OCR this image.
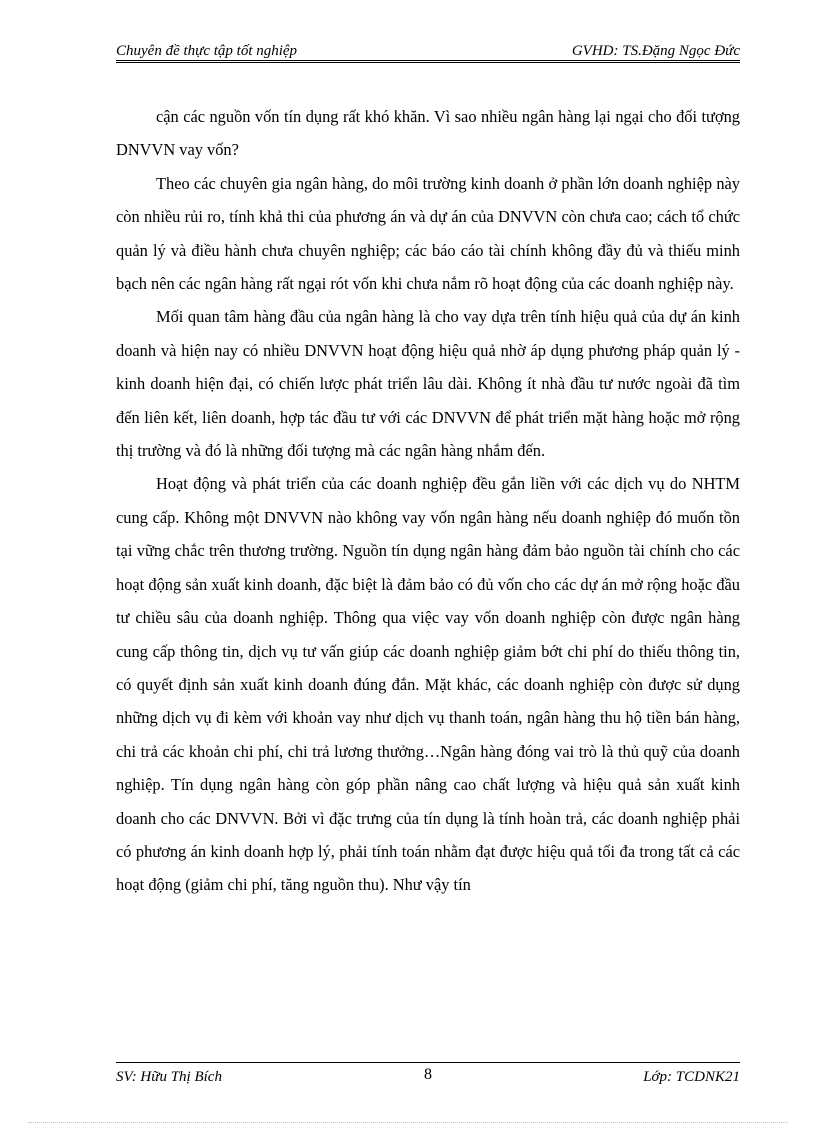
Chuyên đề thực tập tốt nghiệp	GVHD: TS.Đặng Ngọc Đức

cận các nguồn vốn tín dụng rất khó khăn. Vì sao nhiều ngân hàng lại ngại cho đối tượng DNVVN vay vốn?

Theo các chuyên gia ngân hàng, do môi trường kinh doanh ở phần lớn doanh nghiệp này còn nhiều rủi ro, tính khả thi của phương án và dự án của DNVVN còn chưa cao; cách tổ chức quản lý và điều hành chưa chuyên nghiệp; các báo cáo tài chính không đầy đủ và thiếu minh bạch nên các ngân hàng rất ngại rót vốn khi chưa nắm rõ hoạt động của các doanh nghiệp này.

Mối quan tâm hàng đầu của ngân hàng là cho vay dựa trên tính hiệu quả của dự án kinh doanh và hiện nay có nhiều DNVVN hoạt động hiệu quả nhờ áp dụng phương pháp quản lý - kinh doanh hiện đại, có chiến lược phát triển lâu dài. Không ít nhà đầu tư nước ngoài đã tìm đến liên kết, liên doanh, hợp tác đầu tư với các DNVVN để phát triển mặt hàng hoặc mở rộng thị trường và đó là những đối tượng mà các ngân hàng nhắm đến.

Hoạt động và phát triển của các doanh nghiệp đều gắn liền với các dịch vụ do NHTM cung cấp. Không một DNVVN nào không vay vốn ngân hàng nếu doanh nghiệp đó muốn tồn tại vững chắc trên thương trường. Nguồn tín dụng ngân hàng đảm bảo nguồn tài chính cho các hoạt động sản xuất kinh doanh, đặc biệt là đảm bảo có đủ vốn cho các dự án mở rộng hoặc đầu tư chiều sâu của doanh nghiệp. Thông qua việc vay vốn doanh nghiệp còn được ngân hàng cung cấp thông tin, dịch vụ tư vấn giúp các doanh nghiệp giảm bớt chi phí do thiếu thông tin, có quyết định sản xuất kinh doanh đúng đắn. Mặt khác, các doanh nghiệp còn được sử dụng những dịch vụ đi kèm với khoản vay như dịch vụ thanh toán, ngân hàng thu hộ tiền bán hàng, chi trả các khoản chi phí, chi trả lương thưởng…Ngân hàng đóng vai trò là thủ quỹ của doanh nghiệp. Tín dụng ngân hàng còn góp phần nâng cao chất lượng và hiệu quả sản xuất kinh doanh cho các DNVVN. Bởi vì đặc trưng của tín dụng là tính hoàn trả, các doanh nghiệp phải có phương án kinh doanh hợp lý, phải tính toán nhằm đạt được hiệu quả tối đa trong tất cả các hoạt động (giảm chi phí, tăng nguồn thu). Như vậy tín

SV: Hữu Thị Bích	8	Lớp: TCDNK21
